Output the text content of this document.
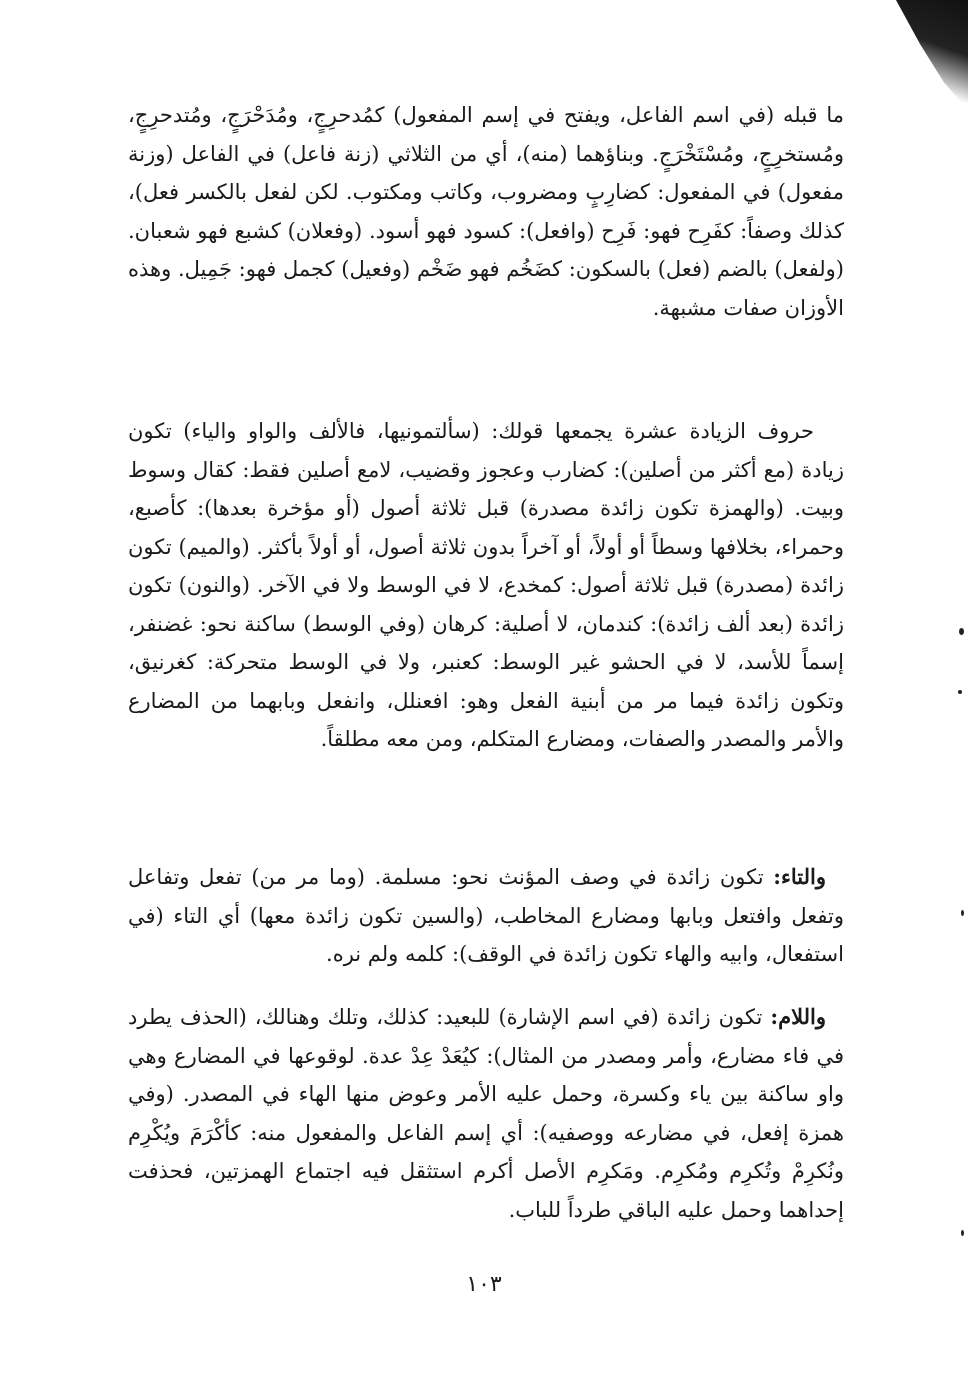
ما قبله (في اسم الفاعل، ويفتح في إسم المفعول) كمُدحرِجٍ، ومُدَحْرَجٍ، ومُتدحرِجٍ، ومُستخرِجٍ، ومُسْتَخْرَجٍ. وبناؤهما (منه)، أي من الثلاثي (زنة فاعل) في الفاعل (وزنة مفعول) في المفعول: كضارِبٍ ومضروب، وكاتب ومكتوب. لكن لفعل بالكسر فعل)، كذلك وصفاً: كفَرِح فهو: فَرِح (وافعل): كسود فهو أسود. (وفعلان) كشبع فهو شعبان. (ولفعل) بالضم (فعل) بالسكون: كضَخُم فهو ضَخْم (وفعيل) كجمل فهو: جَمِيل. وهذه الأوزان صفات مشبهة.
حروف الزيادة عشرة يجمعها قولك: (سألتمونيها، فالألف والواو والياء) تكون زيادة (مع أكثر من أصلين): كضارب وعجوز وقضيب، لامع أصلين فقط: كقال وسوط وبيت. (والهمزة تكون زائدة مصدرة) قبل ثلاثة أصول (أو مؤخرة بعدها): كأصبع، وحمراء، بخلافها وسطاً أو أولاً، أو آخراً بدون ثلاثة أصول، أو أولاً بأكثر. (والميم) تكون زائدة (مصدرة) قبل ثلاثة أصول: كمخدع، لا في الوسط ولا في الآخر. (والنون) تكون زائدة (بعد ألف زائدة): كندمان، لا أصلية: كرهان (وفي الوسط) ساكنة نحو: غضنفر، إسماً للأسد، لا في الحشو غير الوسط: كعنبر، ولا في الوسط متحركة: كغرنيق، وتكون زائدة فيما مر من أبنية الفعل وهو: افعنلل، وانفعل وبابهما من المضارع والأمر والمصدر والصفات، ومضارع المتكلم، ومن معه مطلقاً.
والتاء: تكون زائدة في وصف المؤنث نحو: مسلمة. (وما مر من) تفعل وتفاعل وتفعل وافتعل وبابها ومضارع المخاطب، (والسين تكون زائدة معها) أي التاء (في استفعال، وابيه والهاء تكون زائدة في الوقف): كلمه ولم نره.
واللام: تكون زائدة (في اسم الإشارة) للبعيد: كذلك، وتلك وهنالك، (الحذف يطرد في فاء مضارع، وأمر ومصدر من المثال): كيُعَدْ عِدْ عدة. لوقوعها في المضارع وهي واو ساكنة بين ياء وكسرة، وحمل عليه الأمر وعوض منها الهاء في المصدر. (وفي همزة إفعل، في مضارعه ووصفيه): أي إسم الفاعل والمفعول منه: كأكْرَمَ ويُكْرِم ونُكرِمْ وتُكرِم ومُكرِم. ومَكرِم الأصل أكرم استثقل فيه اجتماع الهمزتين، فحذفت إحداهما وحمل عليه الباقي طرداً للباب.
١٠٣
